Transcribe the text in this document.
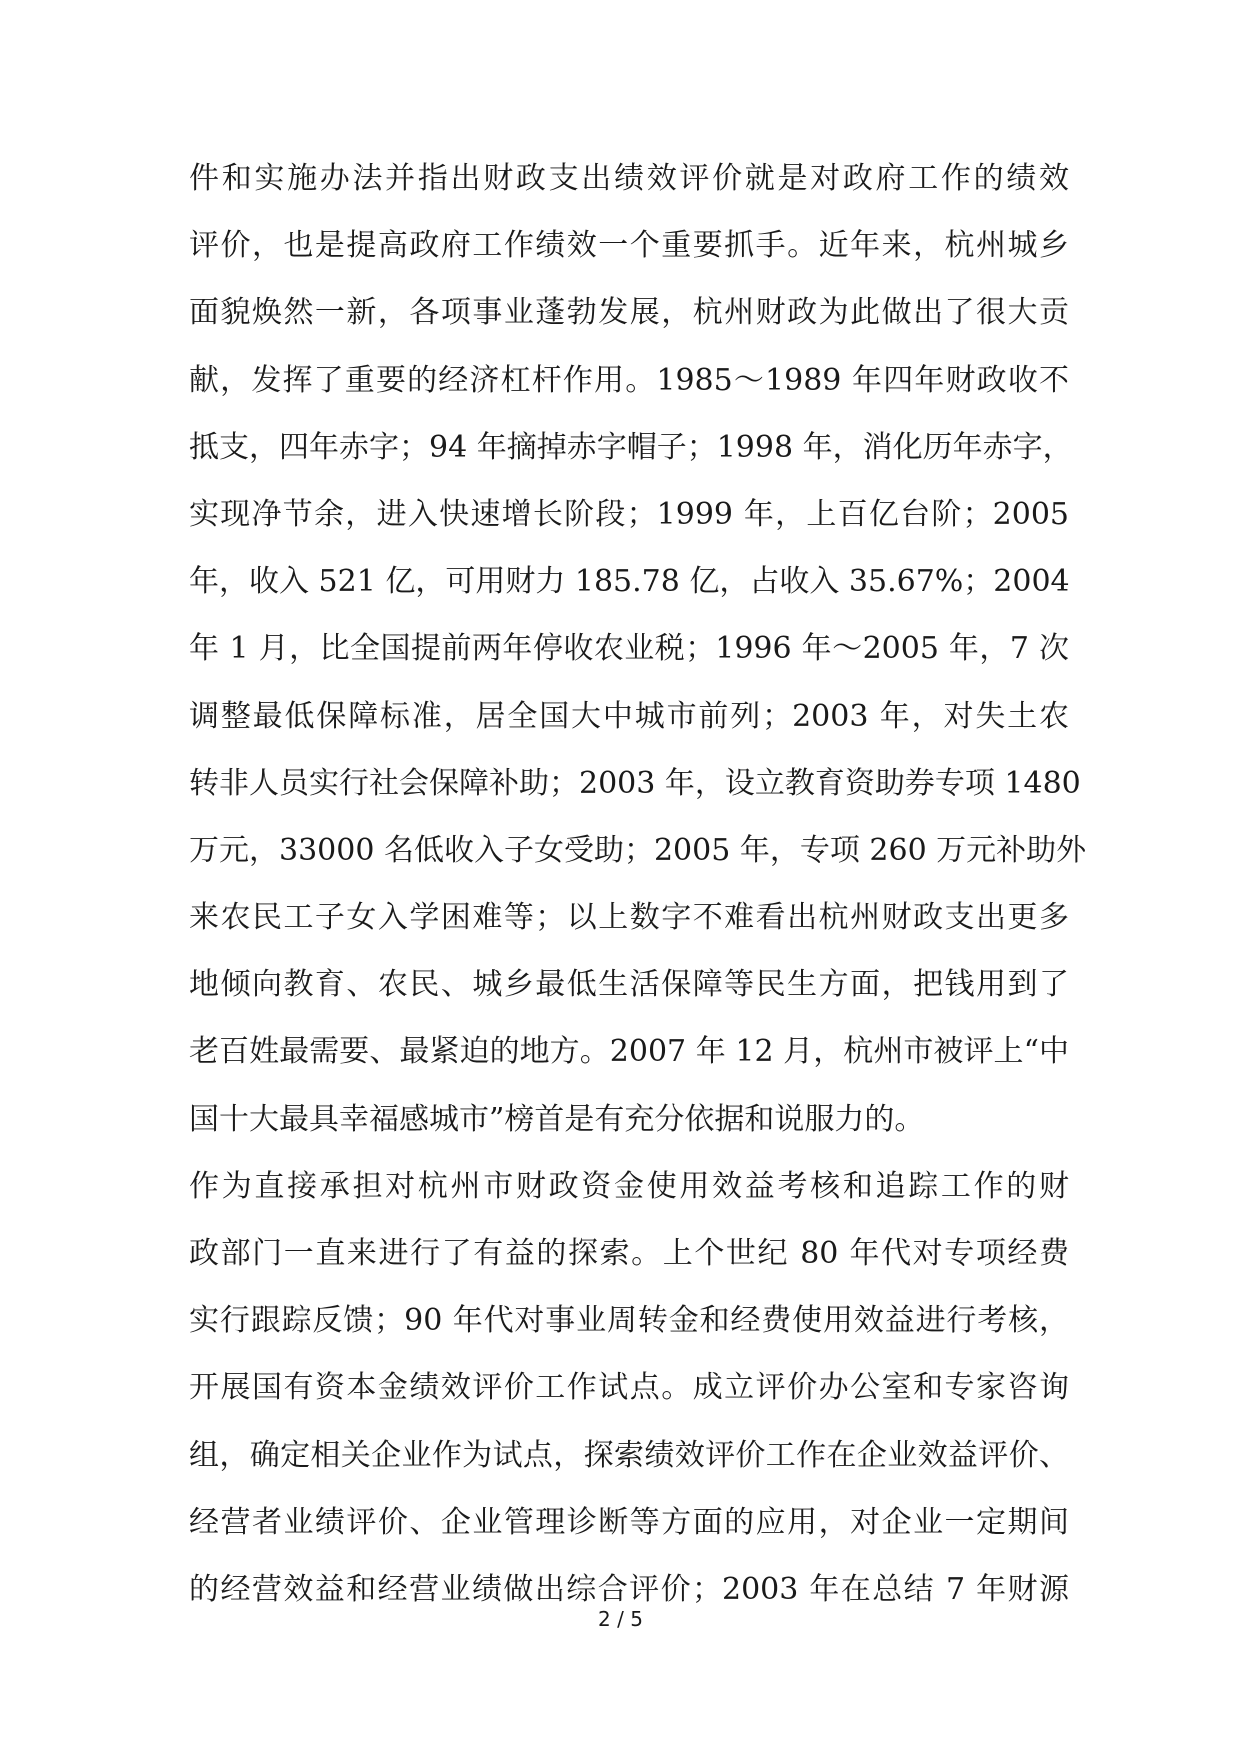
件和实施办法并指出财政支出绩效评价就是对政府工作的绩效
评价，也是提高政府工作绩效一个重要抓手。近年来，杭州城乡
面貌焕然一新，各项事业蓬勃发展，杭州财政为此做出了很大贡
献，发挥了重要的经济杠杆作用。1985～1989 年四年财政收不
抵支，四年赤字；94 年摘掉赤字帽子；1998 年，消化历年赤字，
实现净节余，进入快速增长阶段；1999 年，上百亿台阶；2005
年，收入 521 亿，可用财力 185.78 亿，占收入 35.67%；2004
年 1 月，比全国提前两年停收农业税；1996 年～2005 年，7 次
调整最低保障标准，居全国大中城市前列；2003 年，对失土农
转非人员实行社会保障补助；2003 年，设立教育资助券专项 1480
万元，33000 名低收入子女受助；2005 年，专项 260 万元补助外
来农民工子女入学困难等；以上数字不难看出杭州财政支出更多
地倾向教育、农民、城乡最低生活保障等民生方面，把钱用到了
老百姓最需要、最紧迫的地方。2007 年 12 月，杭州市被评上“中
国十大最具幸福感城市”榜首是有充分依据和说服力的。
作为直接承担对杭州市财政资金使用效益考核和追踪工作的财
政部门一直来进行了有益的探索。上个世纪 80 年代对专项经费
实行跟踪反馈；90 年代对事业周转金和经费使用效益进行考核，
开展国有资本金绩效评价工作试点。成立评价办公室和专家咨询
组，确定相关企业作为试点，探索绩效评价工作在企业效益评价、
经营者业绩评价、企业管理诊断等方面的应用，对企业一定期间
的经营效益和经营业绩做出综合评价；2003 年在总结 7 年财源
2 / 5
